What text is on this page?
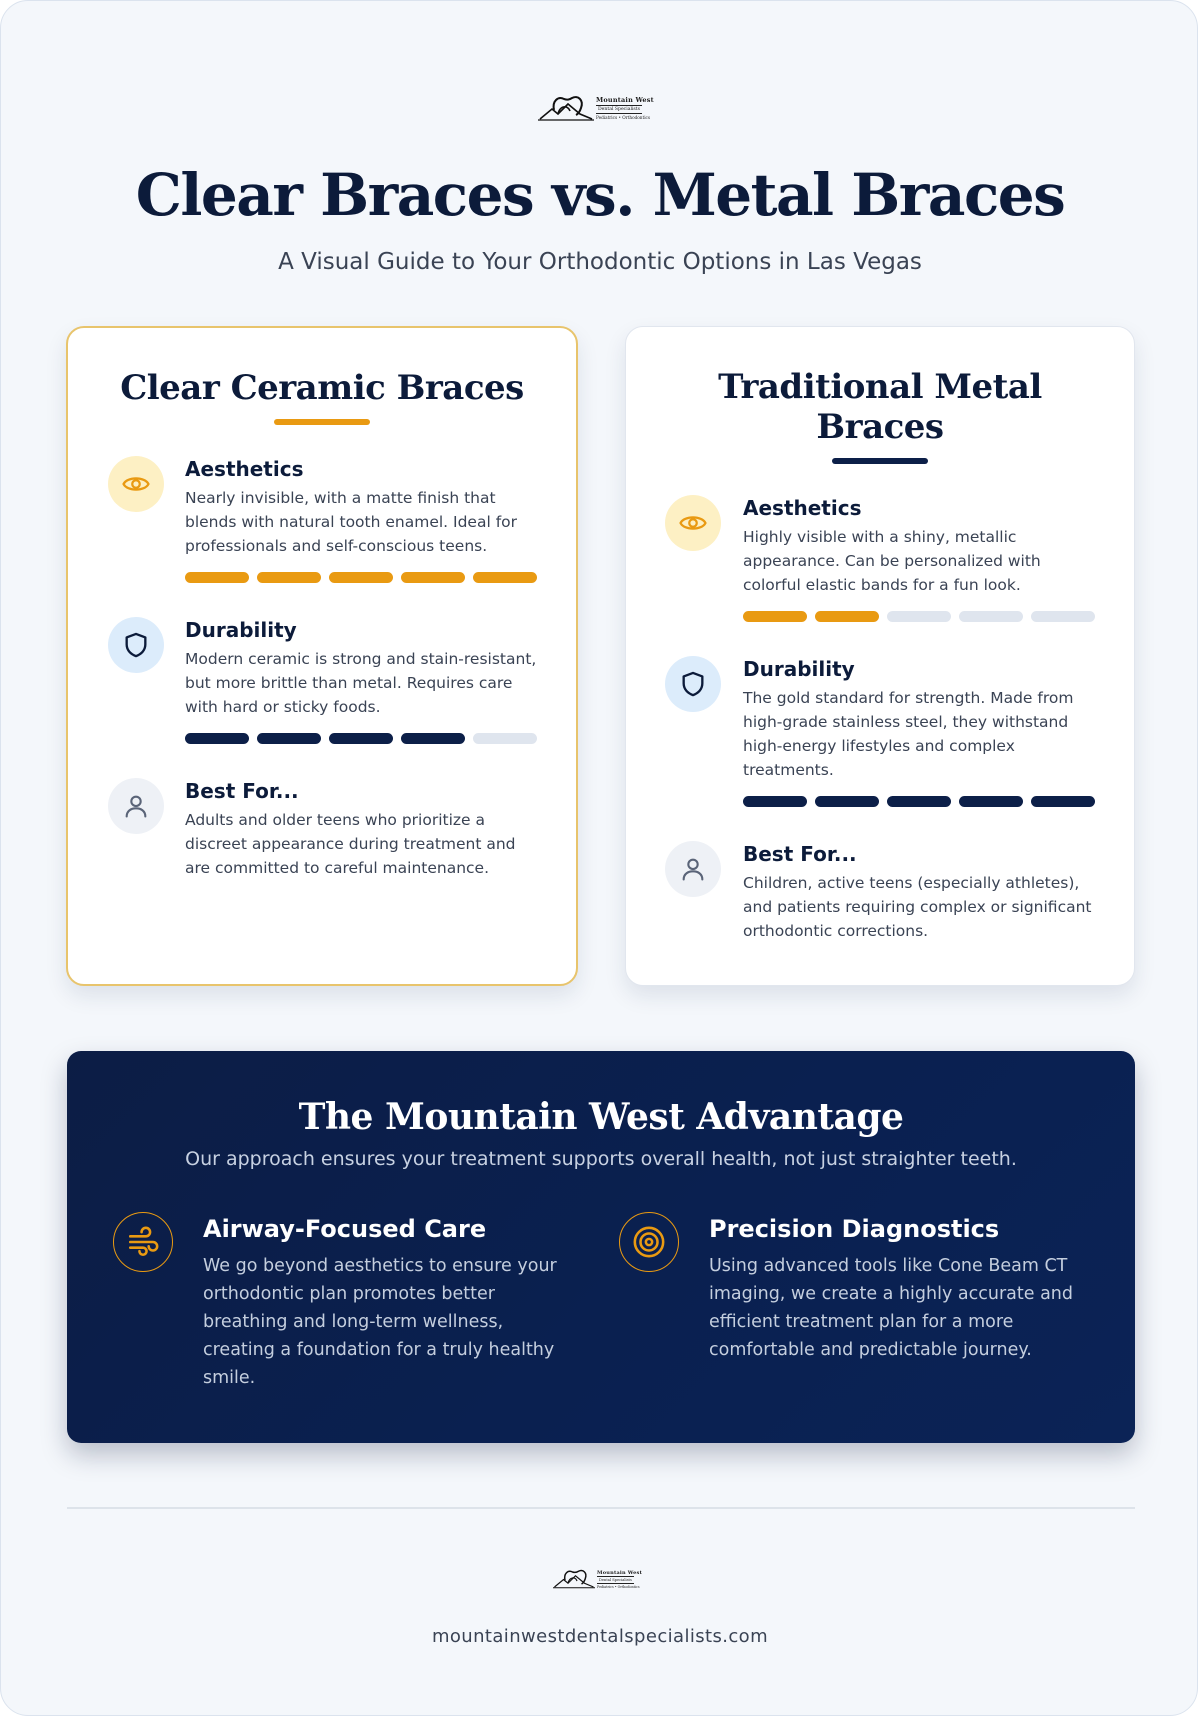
Mountain West
Dental Specialists
Pediatrics • Orthodontics
Clear Braces vs. Metal Braces

A Visual Guide to Your Orthodontic Options in Las Vegas

Clear Ceramic Braces
Aesthetics

Nearly invisible, with a matte finish that blends with natural tooth enamel. Ideal for professionals and self-conscious teens.

Durability

Modern ceramic is strong and stain-resistant, but more brittle than metal. Requires care with hard or sticky foods.

Best For...

Adults and older teens who prioritize a discreet appearance during treatment and are committed to careful maintenance.

Traditional Metal Braces
Aesthetics

Highly visible with a shiny, metallic appearance. Can be personalized with colorful elastic bands for a fun look.

Durability

The gold standard for strength. Made from high-grade stainless steel, they withstand high-energy lifestyles and complex treatments.

Best For...

Children, active teens (especially athletes), and patients requiring complex or significant orthodontic corrections.

The Mountain West Advantage

Our approach ensures your treatment supports overall health, not just straighter teeth.

Airway-Focused Care

We go beyond aesthetics to ensure your orthodontic plan promotes better breathing and long-term wellness, creating a foundation for a truly healthy smile.

Precision Diagnostics

Using advanced tools like Cone Beam CT imaging, we create a highly accurate and efficient treatment plan for a more comfortable and predictable journey.

Mountain West
Dental Specialists
Pediatrics • Orthodontics

mountainwestdentalspecialists.com
